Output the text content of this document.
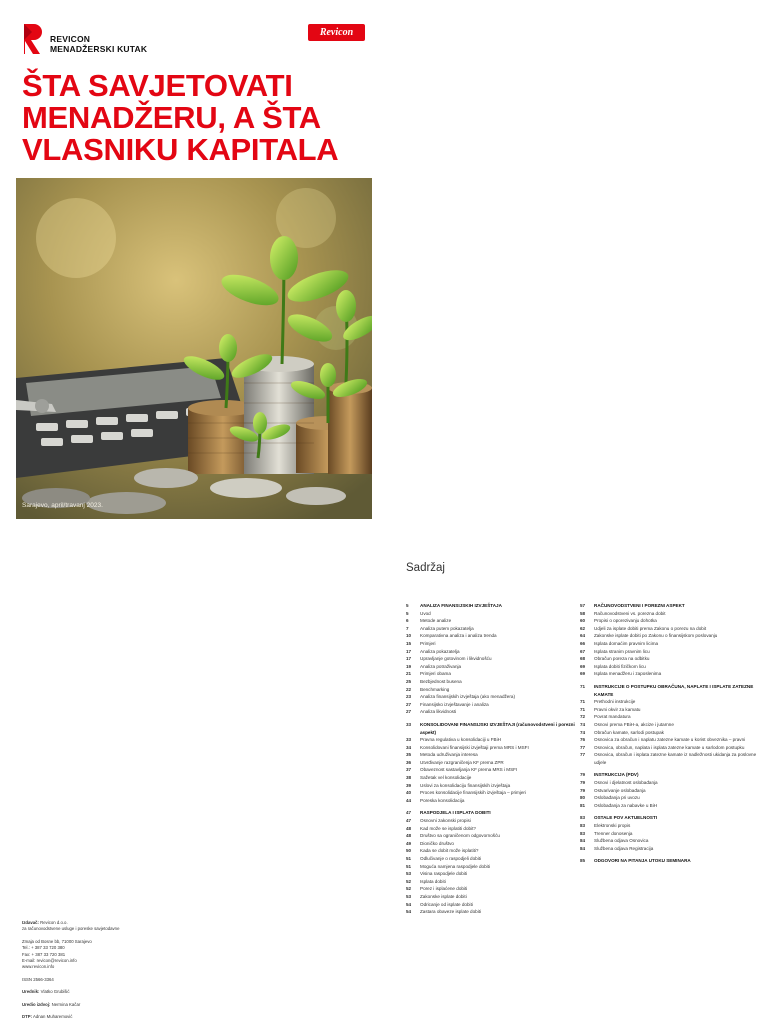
REVICON
MENADŽERSKI KUTAK
Revicon
ŠTA SAVJETOVATI
MENADŽERU, A ŠTA
VLASNIKU KAPITALA
Sarajevo, april/travanj 2023.
Sadržaj
5	ANALIZA FINANSIJSKIH IZVJEŠTAJA
5	Uvod
6	Metode analize
7	Analiza putem pokazatelja
10	Komparativna analiza i analiza trenda
15	Primjeri
17	Analiza pokazatelja
17	Upravljanje gotovinom i likvidnošću
19	Analiza potraživanja
21	Primjeri obama
25	Bezbjednost busena
22	Benchmarking
23	Analiza finansijskih izvještaja (ako menadžera)
27	Finansijsko izvještavanje i analiza
27	Analiza likvidnosti
33	KONSOLIDOVANI FINANSIJSKI IZVJEŠTAJI (računovodstveni i porezni aspekt)
33	Pravna regulativa u konsolidaciji u FBiH
34	Konsolidovani finansijski izvještaji prema MRS i MSFI
35	Metoda udruživanja interesa
36	Utvrđivanje razgraničenja KF prema ZPR
37	Obaveznost sastavljanja KF prema MRS i MSFI
38	Sažetak vel konsolidacije
39	Uslovi za konsolidaciju finansijskih izvještaja
40	Proces konsolidacije finansijskih izvještaja – primjeri
44	Poreska konsolidacija
47	RASPODJELA I ISPLATA DOBITI
47	Osnovni zakonski propisi
48	Kad može se isplatiti dobit?
48	Društvo sa ograničenom odgovornošću
49	Dioničko društvo
50	Kada se dobit može isplatiti?
51	Odlučivanje o raspodjeli dobiti
51	Moguća namjena raspodjele dobiti
53	Visina raspodjele dobiti
52	Isplata dobiti
52	Porez i isplaćene dobiti
53	Zakonske isplate dobiti
54	Odricanje od isplate dobiti
54	Zastara obaveze isplate dobiti
57	RAČUNOVODSTVENI I POREZNI ASPEKT
58	Računovodstveni vs. porezna dobit
60	Propisi o oporezivanju dohotka
62	Udjeli za isplate dobiti prema Zakonu o porezu na dobit
64	Zakonske isplate dobiti po Zakonu o finansijskom poslovanju
66	Isplata domaćim pravnim licima
67	Isplata stranim pravnim licu
68	Obračun poreza na odbitku
69	Isplata dobiti fizičkom licu
69	Isplata menadžeru i zaposlenima
71	INSTRUKCIJE O POSTUPKU OBRAČUNA, NAPLATE I ISPLATE ZATEZNE KAMATE
71	Prethodni instrukcije
71	Pravni okvir za kamatu
72	Povrat mandatura
74	Osnovi prema FBiH-a, akcize i jutarnne
74	Obračun kamate, sarlodi postupak
76	Osnovica za obračun i naplatu zatezne kamate u korist obveznika – pravni
77	Osnovica, obračun, naplata i isplata zatezne kamate u sarlodom postupku
77	Osnovica, obračun i isplata zatezne kamate iz nadležnosti ukidanja za poslovne udjele
79	INSTRUKCIJA (PDV)
79	Osnovi i djelatnost oslobađanja
79	Ostvarivanje oslobađanja
80	Oslobađanja pri uvozu
81	Oslobađanja za nabavke u BiH
83	OSTALE POV AKTUELNOSTI
83	Elektronski propis
83	Trenner donosenja
84	Službena odjava Osnovica
84	Službena odjava Registracija
85	ODGOVORI NA PITANJA UTOKU SEMINARA
Izdavač: Revicon d.o.o.
za računovodstvene usluge i poreske savjetodavne
Zmaja od Bosne bb, 71000 Sarajevo
Tel.: + 387 33 720 380
Fax: + 387 33 720 381
E-mail: revicon@revicon.info
www.revicon.info
ISSN 2566-3364
Urednik: Vlatko Grubišić
Uredio izdvoj: Nermina Kačar
DTP: Adnan Muharemović
